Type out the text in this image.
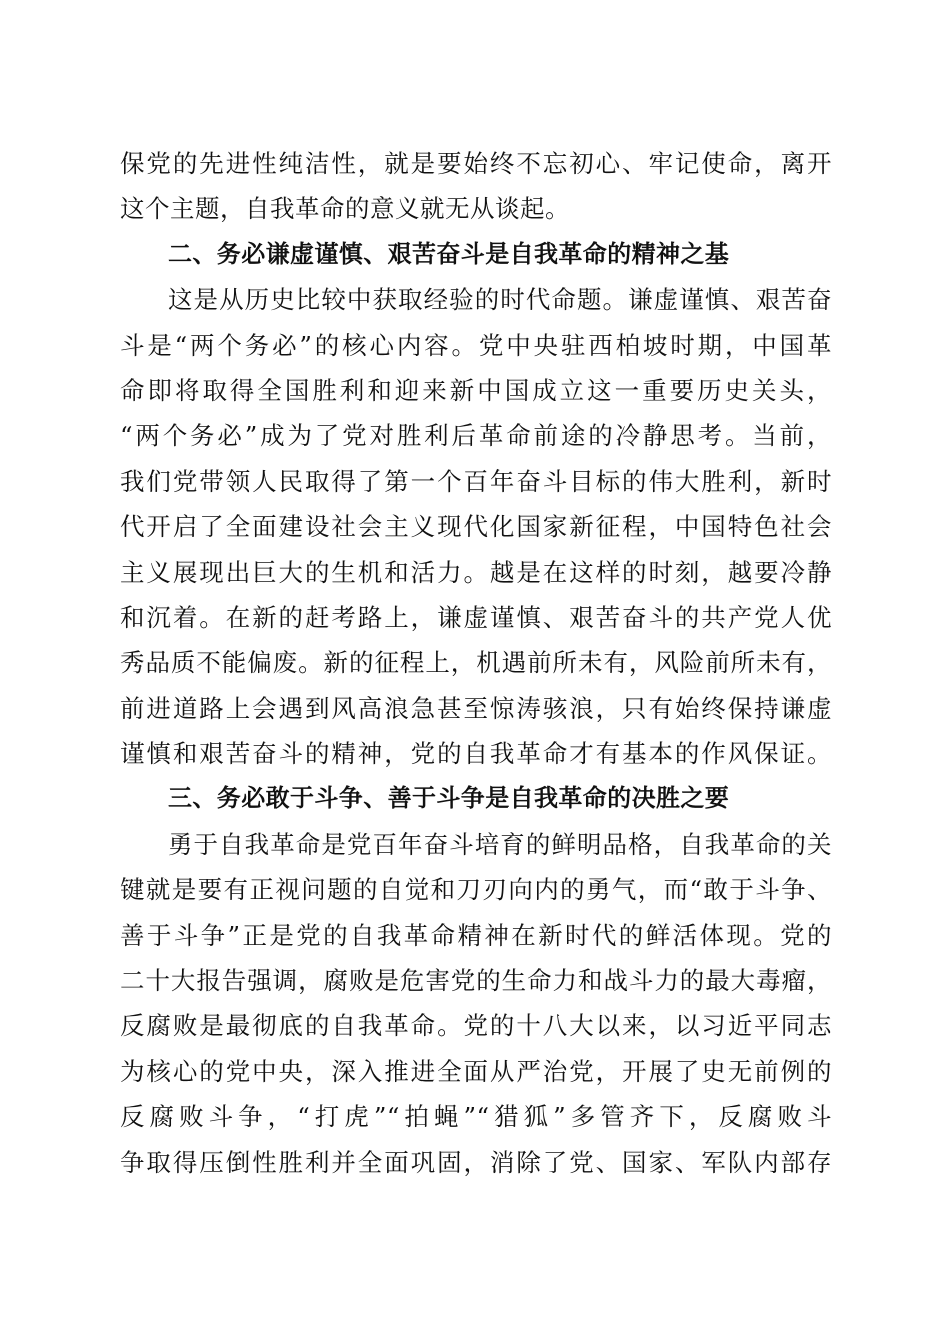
保党的先进性纯洁性，就是要始终不忘初心、牢记使命，离开
这个主题，自我革命的意义就无从谈起。
二、务必谦虚谨慎、艰苦奋斗是自我革命的精神之基
这是从历史比较中获取经验的时代命题。谦虚谨慎、艰苦奋
斗是“两个务必”的核心内容。党中央驻西柏坡时期，中国革
命即将取得全国胜利和迎来新中国成立这一重要历史关头，
“两个务必”成为了党对胜利后革命前途的冷静思考。当前，
我们党带领人民取得了第一个百年奋斗目标的伟大胜利，新时
代开启了全面建设社会主义现代化国家新征程，中国特色社会
主义展现出巨大的生机和活力。越是在这样的时刻，越要冷静
和沉着。在新的赶考路上，谦虚谨慎、艰苦奋斗的共产党人优
秀品质不能偏废。新的征程上，机遇前所未有，风险前所未有，
前进道路上会遇到风高浪急甚至惊涛骇浪，只有始终保持谦虚
谨慎和艰苦奋斗的精神，党的自我革命才有基本的作风保证。
三、务必敢于斗争、善于斗争是自我革命的决胜之要
勇于自我革命是党百年奋斗培育的鲜明品格，自我革命的关
键就是要有正视问题的自觉和刀刃向内的勇气，而“敢于斗争、
善于斗争”正是党的自我革命精神在新时代的鲜活体现。党的
二十大报告强调，腐败是危害党的生命力和战斗力的最大毒瘤，
反腐败是最彻底的自我革命。党的十八大以来，以习近平同志
为核心的党中央，深入推进全面从严治党，开展了史无前例的
反腐败斗争，“打虎”“拍蝇”“猎狐”多管齐下，反腐败斗
争取得压倒性胜利并全面巩固，消除了党、国家、军队内部存
